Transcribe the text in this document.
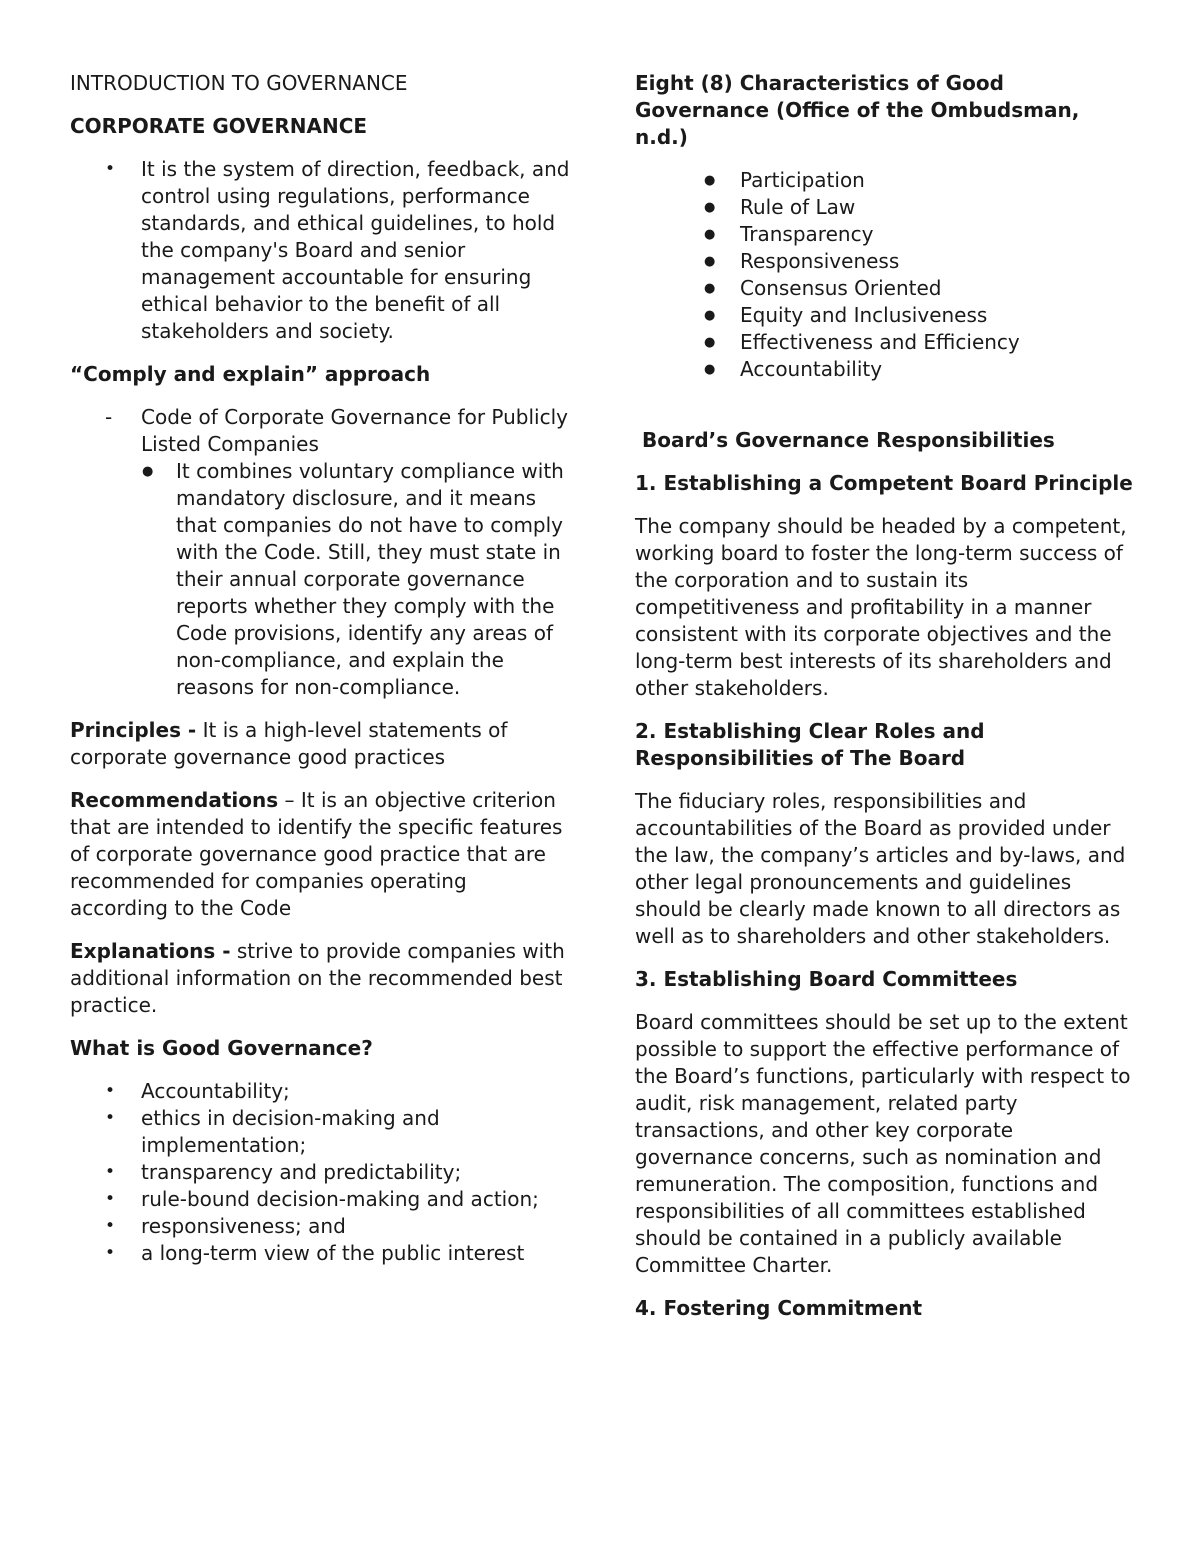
INTRODUCTION TO GOVERNANCE

CORPORATE GOVERNANCE

• It is the system of direction, feedback, and control using regulations, performance standards, and ethical guidelines, to hold the company's Board and senior management accountable for ensuring ethical behavior to the benefit of all stakeholders and society.

“Comply and explain” approach

- Code of Corporate Governance for Publicly Listed Companies
● It combines voluntary compliance with mandatory disclosure, and it means that companies do not have to comply with the Code. Still, they must state in their annual corporate governance reports whether they comply with the Code provisions, identify any areas of non-compliance, and explain the reasons for non-compliance.

Principles - It is a high-level statements of corporate governance good practices

Recommendations – It is an objective criterion that are intended to identify the specific features of corporate governance good practice that are recommended for companies operating according to the Code

Explanations - strive to provide companies with additional information on the recommended best practice.

What is Good Governance?

• Accountability;
• ethics in decision-making and implementation;
• transparency and predictability;
• rule-bound decision-making and action;
• responsiveness; and
• a long-term view of the public interest

Eight (8) Characteristics of Good Governance (Office of the Ombudsman, n.d.)

● Participation
● Rule of Law
● Transparency
● Responsiveness
● Consensus Oriented
● Equity and Inclusiveness
● Effectiveness and Efficiency
● Accountability

Board’s Governance Responsibilities

1. Establishing a Competent Board Principle

The company should be headed by a competent, working board to foster the long-term success of the corporation and to sustain its competitiveness and profitability in a manner consistent with its corporate objectives and the long-term best interests of its shareholders and other stakeholders.

2. Establishing Clear Roles and Responsibilities of The Board

The fiduciary roles, responsibilities and accountabilities of the Board as provided under the law, the company’s articles and by-laws, and other legal pronouncements and guidelines should be clearly made known to all directors as well as to shareholders and other stakeholders.

3. Establishing Board Committees

Board committees should be set up to the extent possible to support the effective performance of the Board’s functions, particularly with respect to audit, risk management, related party transactions, and other key corporate governance concerns, such as nomination and remuneration. The composition, functions and responsibilities of all committees established should be contained in a publicly available Committee Charter.

4. Fostering Commitment
